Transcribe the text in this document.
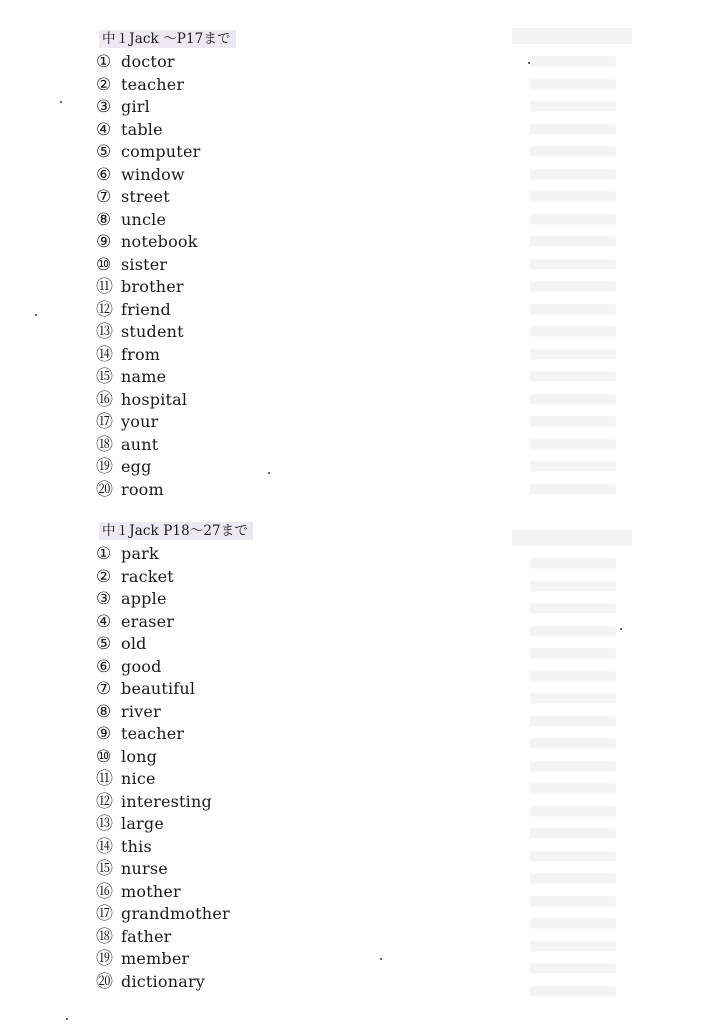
中１Jack ～P17まで
① doctor
② teacher
③ girl
④ table
⑤ computer
⑥ window
⑦ street
⑧ uncle
⑨ notebook
⑩ sister
⑪ brother
⑫ friend
⑬ student
⑭ from
⑮ name
⑯ hospital
⑰ your
⑱ aunt
⑲ egg
⑳ room
中１Jack P18～27まで
① park
② racket
③ apple
④ eraser
⑤ old
⑥ good
⑦ beautiful
⑧ river
⑨ teacher
⑩ long
⑪ nice
⑫ interesting
⑬ large
⑭ this
⑮ nurse
⑯ mother
⑰ grandmother
⑱ father
⑲ member
⑳ dictionary
